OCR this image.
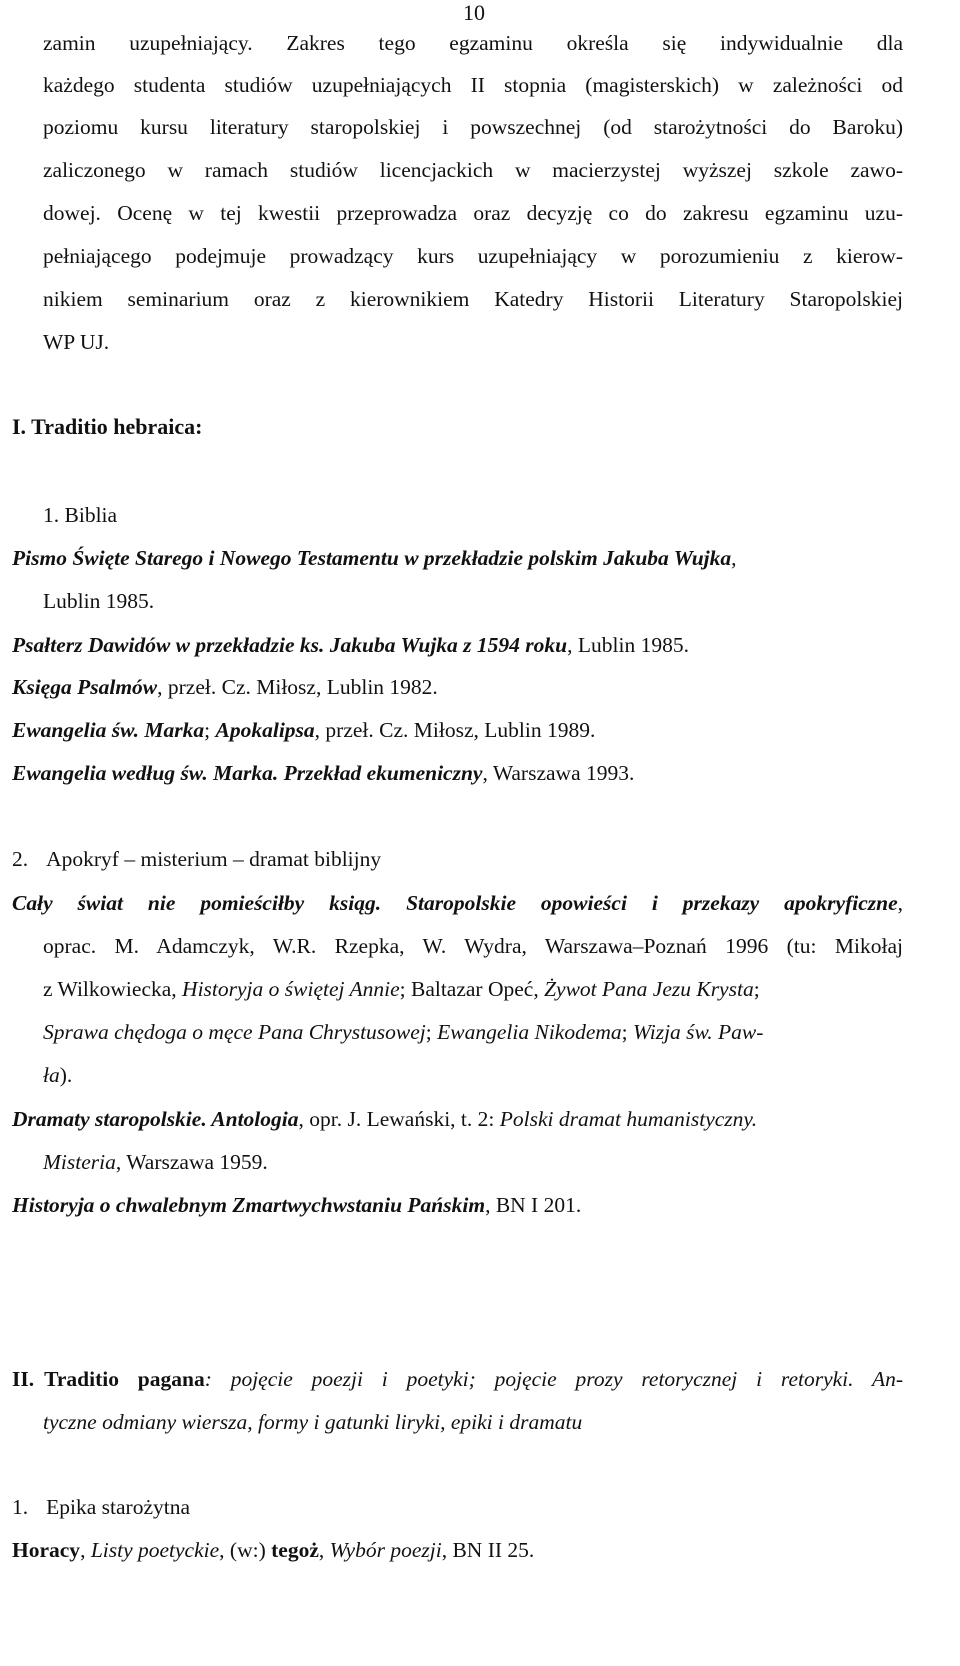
10
zamin uzupełniający. Zakres tego egzaminu określa się indywidualnie dla
każdego studenta studiów uzupełniających II stopnia (magisterskich) w zależności od
poziomu kursu literatury staropolskiej i powszechnej (od starożytności do Baroku)
zaliczonego w ramach studiów licencjackich w macierzystej wyższej szkole zawo-
dowej. Ocenę w tej kwestii przeprowadza oraz decyzję co do zakresu egzaminu uzu-
pełniającego podejmuje prowadzący kurs uzupełniający w porozumieniu z kierow-
nikiem seminarium oraz z kierownikiem Katedry Historii Literatury Staropolskiej
WP UJ.
I. Traditio hebraica:
1. Biblia
Pismo Święte Starego i Nowego Testamentu w przekładzie polskim Jakuba Wujka,
Lublin 1985.
Psałterz Dawidów w przekładzie ks. Jakuba Wujka z 1594 roku, Lublin 1985.
Księga Psalmów, przeł. Cz. Miłosz, Lublin 1982.
Ewangelia św. Marka; Apokalipsa, przeł. Cz. Miłosz, Lublin 1989.
Ewangelia według św. Marka. Przekład ekumeniczny, Warszawa 1993.
2. Apokryf – misterium – dramat biblijny
Cały świat nie pomieściłby ksiąg. Staropolskie opowieści i przekazy apokryficzne,
oprac. M. Adamczyk, W.R. Rzepka, W. Wydra, Warszawa–Poznań 1996 (tu: Mikołaj
z Wilkowiecka, Historyja o świętej Annie; Baltazar Opeć, Żywot Pana Jezu Krysta;
Sprawa chędoga o męce Pana Chrystusowej; Ewangelia Nikodema; Wizja św. Paw-
ła).
Dramaty staropolskie. Antologia, opr. J. Lewański, t. 2: Polski dramat humanistyczny.
Misteria, Warszawa 1959.
Historyja o chwalebnym Zmartwychwstaniu Pańskim, BN I 201.
II. Traditio pagana: pojęcie poezji i poetyki; pojęcie prozy retorycznej i retoryki. An-
tyczne odmiany wiersza, formy i gatunki liryki, epiki i dramatu
1. Epika starożytna
Horacy, Listy poetyckie, (w:) tegoż, Wybór poezji, BN II 25.
